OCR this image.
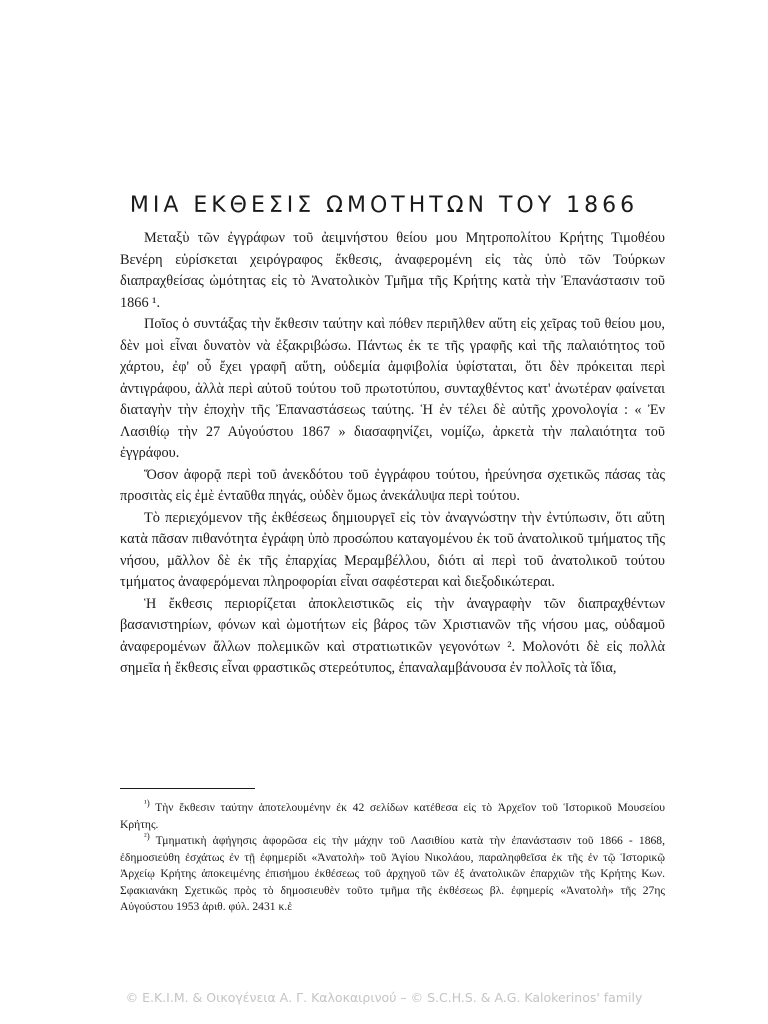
ΜΙΑ ΕΚΘΕΣΙΣ ΩΜΟΤΗΤΩΝ ΤΟΥ 1866

Μεταξὺ τῶν ἐγγράφων τοῦ ἀειμνήστου θείου μου Μητροπολίτου Κρήτης Τιμοθέου Βενέρη εὑρίσκεται χειρόγραφος ἔκθεσις, ἀναφερομένη εἰς τὰς ὑπὸ τῶν Τούρκων διαπραχθείσας ὠμότητας εἰς τὸ Ἀνατολικὸν Τμῆμα τῆς Κρήτης κατὰ τὴν Ἐπανάστασιν τοῦ 1866 ¹.

Ποῖος ὁ συντάξας τὴν ἔκθεσιν ταύτην καὶ πόθεν περιῆλθεν αὕτη εἰς χεῖρας τοῦ θείου μου, δὲν μοὶ εἶναι δυνατὸν νὰ ἐξακριβώσω. Πάντως ἐκ τε τῆς γραφῆς καὶ τῆς παλαιότητος τοῦ χάρτου, ἐφ' οὗ ἔχει γραφῆ αὕτη, οὐδεμία ἀμφιβολία ὑφίσταται, ὅτι δὲν πρόκειται περὶ ἀντιγράφου, ἀλλὰ περὶ αὐτοῦ τούτου τοῦ πρωτοτύπου, συνταχθέντος κατ' ἀνωτέραν φαίνεται διαταγὴν τὴν ἐποχὴν τῆς Ἐπαναστάσεως ταύτης. Ἡ ἐν τέλει δὲ αὐτῆς χρονολογία : « Ἐν Λασιθίῳ τὴν 27 Αὐγούστου 1867 » διασαφηνίζει, νομίζω, ἀρκετὰ τὴν παλαιότητα τοῦ ἐγγράφου.

Ὅσον ἀφορᾷ περὶ τοῦ ἀνεκδότου τοῦ ἐγγράφου τούτου, ἠρεύνησα σχετικῶς πάσας τὰς προσιτὰς εἰς ἐμὲ ἐνταῦθα πηγάς, οὐδὲν ὅμως ἀνεκάλυψα περὶ τούτου.

Τὸ περιεχόμενον τῆς ἐκθέσεως δημιουργεῖ εἰς τὸν ἀναγνώστην τὴν ἐντύπωσιν, ὅτι αὕτη κατὰ πᾶσαν πιθανότητα ἐγράφη ὑπὸ προσώπου καταγομένου ἐκ τοῦ ἀνατολικοῦ τμήματος τῆς νήσου, μᾶλλον δὲ ἐκ τῆς ἐπαρχίας Μεραμβέλλου, διότι αἱ περὶ τοῦ ἀνατολικοῦ τούτου τμήματος ἀναφερόμεναι πληροφορίαι εἶναι σαφέστεραι καὶ διεξοδικώτεραι.

Ἡ ἔκθεσις περιορίζεται ἀποκλειστικῶς εἰς τὴν ἀναγραφὴν τῶν διαπραχθέντων βασανιστηρίων, φόνων καὶ ὠμοτήτων εἰς βάρος τῶν Χριστιανῶν τῆς νήσου μας, οὐδαμοῦ ἀναφερομένων ἄλλων πολεμικῶν καὶ στρατιωτικῶν γεγονότων ². Μολονότι δὲ εἰς πολλὰ σημεῖα ἡ ἔκθεσις εἶναι φραστικῶς στερεότυπος, ἐπαναλαμβάνουσα ἐν πολλοῖς τὰ ἴδια,

$^{^1)}$ Τὴν ἔκθεσιν ταύτην ἀποτελουμένην ἐκ 42 σελίδων κατέθεσα εἰς τὸ Ἀρχεῖον τοῦ Ἱστορικοῦ Μουσείου Κρήτης.

$^{^2)}$ Τμηματικὴ ἀφήγησις ἀφορῶσα εἰς τὴν μάχην τοῦ Λασιθίου κατὰ τὴν ἐπανάστασιν τοῦ 1866 - 1868, ἐδημοσιεύθη ἐσχάτως ἐν τῇ ἐφημερίδι «Ἀνατολὴ» τοῦ Ἁγίου Νικολάου, παραληφθεῖσα ἐκ τῆς ἐν τῷ Ἱστορικῷ Ἀρχείῳ Κρήτης ἀποκειμένης ἐπισήμου ἐκθέσεως τοῦ ἀρχηγοῦ τῶν ἐξ ἀνατολικῶν ἐπαρχιῶν τῆς Κρήτης Κων. Σφακιανάκη Σχετικῶς πρὸς τὸ δημοσιευθὲν τοῦτο τμῆμα τῆς ἐκθέσεως βλ. ἐφημερίς «Ἀνατολὴ» τῆς 27ης Αὐγούστου 1953 ἀριθ. φύλ. 2431 κ.ἑ

© Ε.Κ.Ι.Μ. & Οικογένεια Α. Γ. Καλοκαιρινού – © S.C.H.S. & A.G. Kalokerinos' family
